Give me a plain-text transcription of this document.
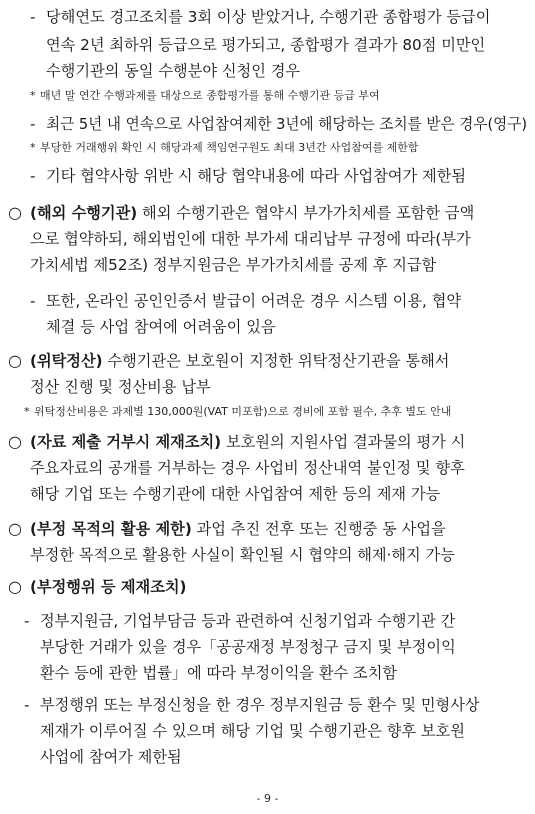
- 당해연도 경고조치를 3회 이상 받았거나, 수행기관 종합평가 등급이
연속 2년 최하위 등급으로 평가되고, 종합평가 결과가 80점 미만인
수행기관의 동일 수행분야 신청인 경우
* 매년 말 연간 수행과제를 대상으로 종합평가를 통해 수행기관 등급 부여
- 최근 5년 내 연속으로 사업참여제한 3년에 해당하는 조치를 받은 경우(영구)
* 부당한 거래행위 확인 시 해당과제 책임연구원도 최대 3년간 사업참여를 제한함
- 기타 협약사항 위반 시 해당 협약내용에 따라 사업참여가 제한됨
○ (해외 수행기관) 해외 수행기관은 협약시 부가가치세를 포함한 금액
으로 협약하되, 해외법인에 대한 부가세 대리납부 규정에 따라(부가
가치세법 제52조) 정부지원금은 부가가치세를 공제 후 지급함
- 또한, 온라인 공인인증서 발급이 어려운 경우 시스템 이용, 협약
체결 등 사업 참여에 어려움이 있음
○ (위탁정산) 수행기관은 보호원이 지정한 위탁정산기관을 통해서
정산 진행 및 정산비용 납부
* 위탁정산비용은 과제별 130,000원(VAT 미포함)으로 경비에 포함 필수, 추후 별도 안내
○ (자료 제출 거부시 제재조치) 보호원의 지원사업 결과물의 평가 시
주요자료의 공개를 거부하는 경우 사업비 정산내역 불인정 및 향후
해당 기업 또는 수행기관에 대한 사업참여 제한 등의 제재 가능
○ (부정 목적의 활용 제한) 과업 추진 전후 또는 진행중 동 사업을
부정한 목적으로 활용한 사실이 확인될 시 협약의 해제·해지 가능
○ (부정행위 등 제재조치)
- 정부지원금, 기업부담금 등과 관련하여 신청기업과 수행기관 간
부당한 거래가 있을 경우「공공재정 부정청구 금지 및 부정이익
환수 등에 관한 법률」에 따라 부정이익을 환수 조치함
- 부정행위 또는 부정신청을 한 경우 정부지원금 등 환수 및 민형사상
제재가 이루어질 수 있으며 해당 기업 및 수행기관은 향후 보호원
사업에 참여가 제한됨
- 9 -
